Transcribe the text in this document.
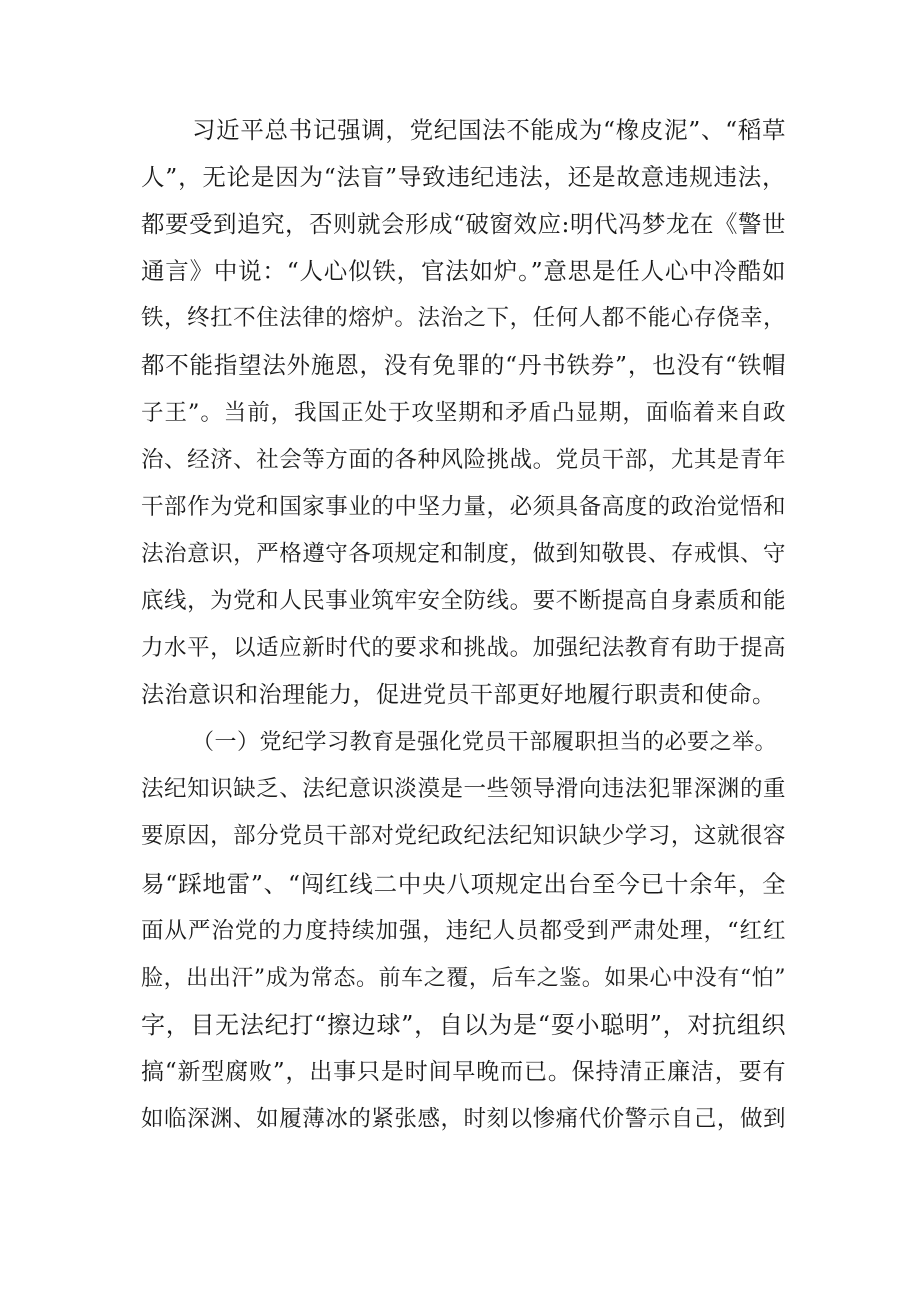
习近平总书记强调，党纪国法不能成为“橡皮泥”、“稻草
人”，无论是因为“法盲”导致违纪违法，还是故意违规违法，
都要受到追究，否则就会形成“破窗效应:明代冯梦龙在《警世
通言》中说：“人心似铁，官法如炉。”意思是任人心中冷酷如
铁，终扛不住法律的熔炉。法治之下，任何人都不能心存侥幸，
都不能指望法外施恩，没有免罪的“丹书铁券”，也没有“铁帽
子王”。当前，我国正处于攻坚期和矛盾凸显期，面临着来自政
治、经济、社会等方面的各种风险挑战。党员干部，尤其是青年
干部作为党和国家事业的中坚力量，必须具备高度的政治觉悟和
法治意识，严格遵守各项规定和制度，做到知敬畏、存戒惧、守
底线，为党和人民事业筑牢安全防线。要不断提高自身素质和能
力水平，以适应新时代的要求和挑战。加强纪法教育有助于提高
法治意识和治理能力，促进党员干部更好地履行职责和使命。
（一）党纪学习教育是强化党员干部履职担当的必要之举。
法纪知识缺乏、法纪意识淡漠是一些领导滑向违法犯罪深渊的重
要原因，部分党员干部对党纪政纪法纪知识缺少学习，这就很容
易“踩地雷”、“闯红线二中央八项规定出台至今已十余年，全
面从严治党的力度持续加强，违纪人员都受到严肃处理，“红红
脸，出出汗”成为常态。前车之覆，后车之鉴。如果心中没有“怕”
字，目无法纪打“擦边球”，自以为是“耍小聪明”，对抗组织
搞“新型腐败”，出事只是时间早晚而已。保持清正廉洁，要有
如临深渊、如履薄冰的紧张感，时刻以惨痛代价警示自己，做到
